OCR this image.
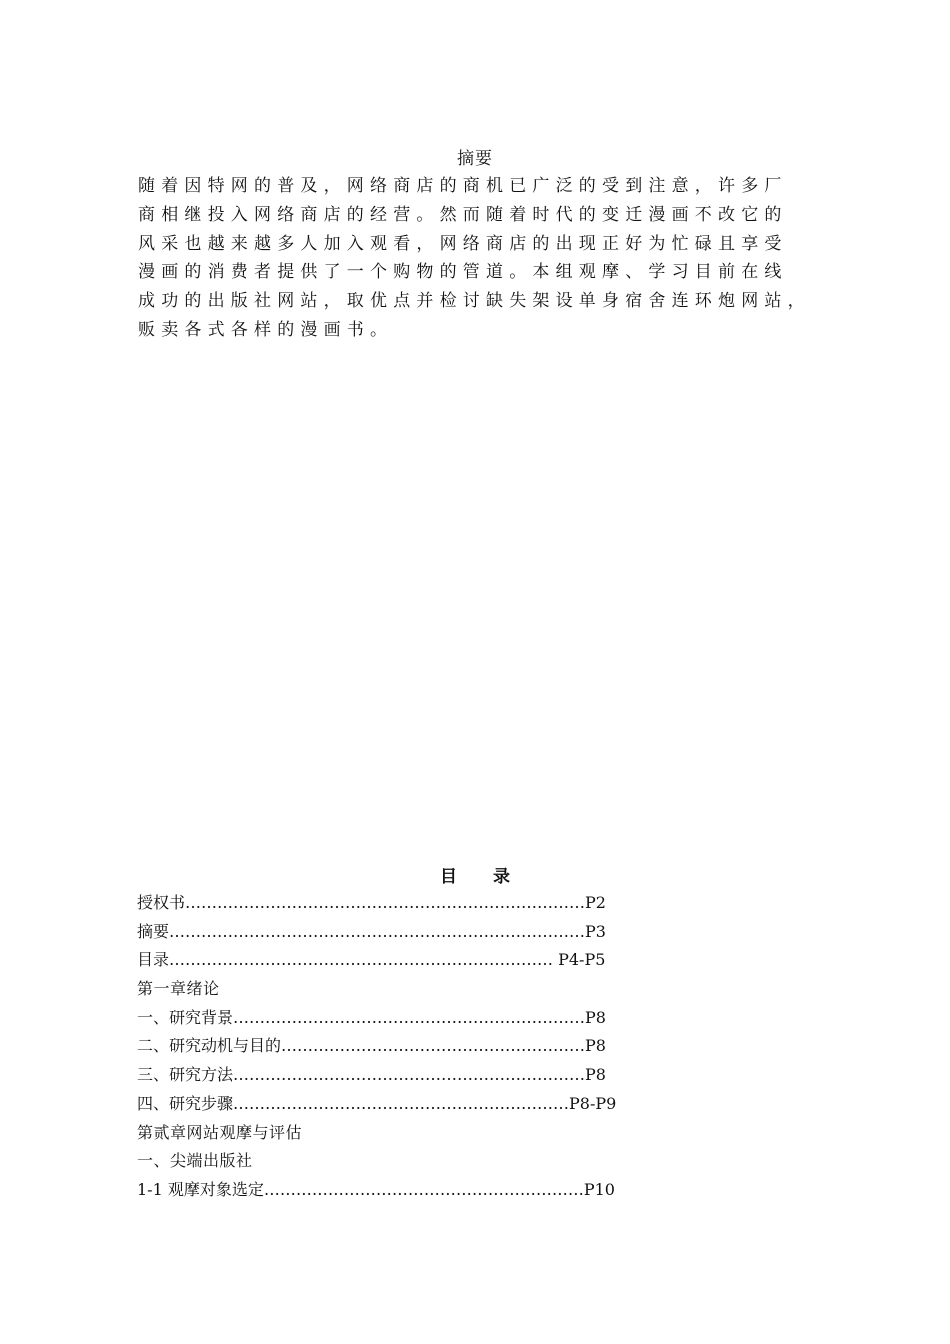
摘要
随着因特网的普及，网络商店的商机已广泛的受到注意，许多厂
商相继投入网络商店的经营。然而随着时代的变迁漫画不改它的
风采也越来越多人加入观看，网络商店的出现正好为忙碌且享受
漫画的消费者提供了一个购物的管道。本组观摩、学习目前在线
成功的出版社网站，取优点并检讨缺失架设单身宿舍连环炮网站，
贩卖各式各样的漫画书。
目 录
授权书 ………………………………………………………………… P2
摘要 …………………………………………………………………… P3
目录 ……………………………………………………………… P4-P5
第一章绪论
一、研究背景 ………………………………………………………… P8
二、研究动机与目的 ………………………………………………… P8
三、研究方法 ………………………………………………………… P8
四、研究步骤 ……………………………………………………… P8-P9
第贰章网站观摩与评估
一、尖端出版社
1-1 观摩对象选定 …………………………………………………… P10
